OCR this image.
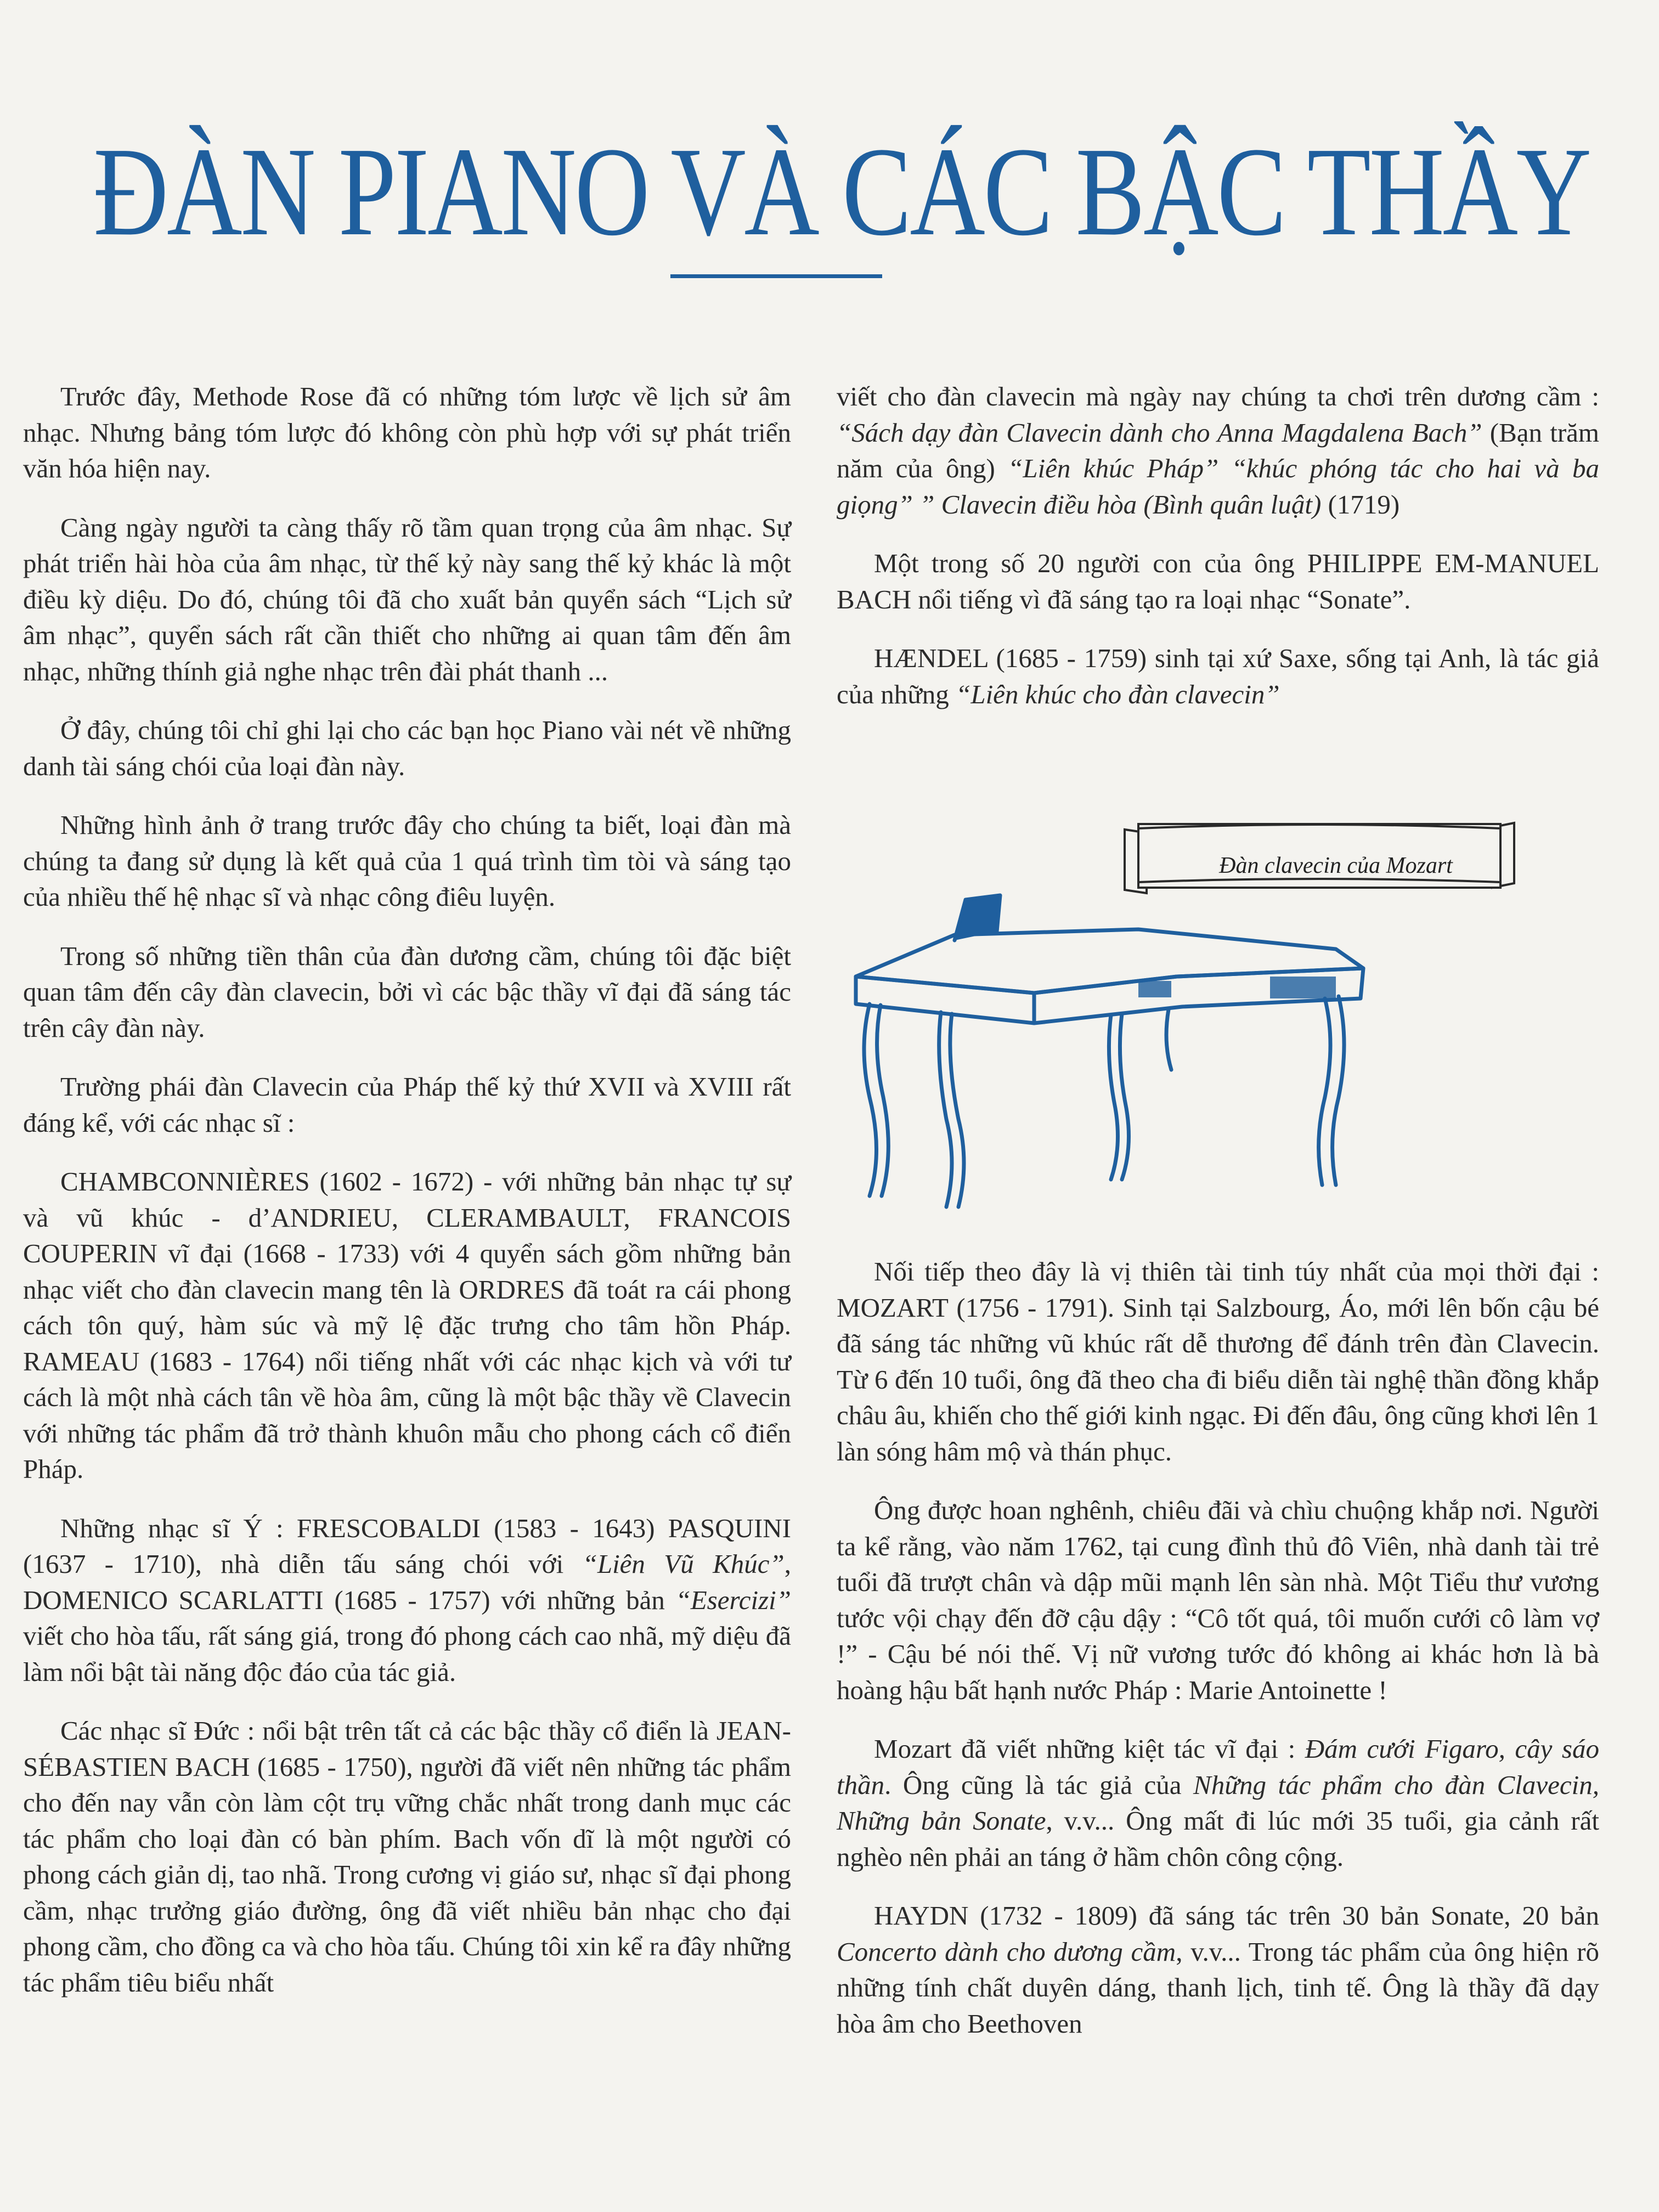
ĐÀN PIANO VÀ CÁC BẬC THẦY

Trước đây, Methode Rose đã có những tóm lược về lịch sử âm nhạc. Nhưng bảng tóm lược đó không còn phù hợp với sự phát triển văn hóa hiện nay.

Càng ngày người ta càng thấy rõ tầm quan trọng của âm nhạc. Sự phát triển hài hòa của âm nhạc, từ thế kỷ này sang thế kỷ khác là một điều kỳ diệu. Do đó, chúng tôi đã cho xuất bản quyển sách “Lịch sử âm nhạc”, quyển sách rất cần thiết cho những ai quan tâm đến âm nhạc, những thính giả nghe nhạc trên đài phát thanh ...

Ở đây, chúng tôi chỉ ghi lại cho các bạn học Piano vài nét về những danh tài sáng chói của loại đàn này.

Những hình ảnh ở trang trước đây cho chúng ta biết, loại đàn mà chúng ta đang sử dụng là kết quả của 1 quá trình tìm tòi và sáng tạo của nhiều thế hệ nhạc sĩ và nhạc công điêu luyện.

Trong số những tiền thân của đàn dương cầm, chúng tôi đặc biệt quan tâm đến cây đàn clavecin, bởi vì các bậc thầy vĩ đại đã sáng tác trên cây đàn này.

Trường phái đàn Clavecin của Pháp thế kỷ thứ XVII và XVIII rất đáng kể, với các nhạc sĩ :

CHAMBCONNIÈRES (1602 - 1672) - với những bản nhạc tự sự và vũ khúc - d’ANDRIEU, CLERAMBAULT, FRANCOIS COUPERIN vĩ đại (1668 - 1733) với 4 quyển sách gồm những bản nhạc viết cho đàn clavecin mang tên là ORDRES đã toát ra cái phong cách tôn quý, hàm súc và mỹ lệ đặc trưng cho tâm hồn Pháp. RAMEAU (1683 - 1764) nổi tiếng nhất với các nhạc kịch và với tư cách là một nhà cách tân về hòa âm, cũng là một bậc thầy về Clavecin với những tác phẩm đã trở thành khuôn mẫu cho phong cách cổ điển Pháp.

Những nhạc sĩ Ý : FRESCOBALDI (1583 - 1643) PASQUINI (1637 - 1710), nhà diễn tấu sáng chói với “Liên Vũ Khúc”, DOMENICO SCARLATTI (1685 - 1757) với những bản “Esercizi” viết cho hòa tấu, rất sáng giá, trong đó phong cách cao nhã, mỹ diệu đã làm nổi bật tài năng độc đáo của tác giả.

Các nhạc sĩ Đức : nổi bật trên tất cả các bậc thầy cổ điển là JEAN-SÉBASTIEN BACH (1685 - 1750), người đã viết nên những tác phẩm cho đến nay vẫn còn làm cột trụ vững chắc nhất trong danh mục các tác phẩm cho loại đàn có bàn phím. Bach vốn dĩ là một người có phong cách giản dị, tao nhã. Trong cương vị giáo sư, nhạc sĩ đại phong cầm, nhạc trưởng giáo đường, ông đã viết nhiều bản nhạc cho đại phong cầm, cho đồng ca và cho hòa tấu. Chúng tôi xin kể ra đây những tác phẩm tiêu biểu nhất

viết cho đàn clavecin mà ngày nay chúng ta chơi trên dương cầm : “Sách dạy đàn Clavecin dành cho Anna Magdalena Bach” (Bạn trăm năm của ông) “Liên khúc Pháp” “khúc phóng tác cho hai và ba giọng” ” Clavecin điều hòa (Bình quân luật) (1719)

Một trong số 20 người con của ông PHILIPPE EM-MANUEL BACH nổi tiếng vì đã sáng tạo ra loại nhạc “Sonate”.

HÆNDEL (1685 - 1759) sinh tại xứ Saxe, sống tại Anh, là tác giả của những “Liên khúc cho đàn clavecin”

Đàn clavecin của Mozart

Nối tiếp theo đây là vị thiên tài tinh túy nhất của mọi thời đại : MOZART (1756 - 1791). Sinh tại Salzbourg, Áo, mới lên bốn cậu bé đã sáng tác những vũ khúc rất dễ thương để đánh trên đàn Clavecin. Từ 6 đến 10 tuổi, ông đã theo cha đi biểu diễn tài nghệ thần đồng khắp châu âu, khiến cho thế giới kinh ngạc. Đi đến đâu, ông cũng khơi lên 1 làn sóng hâm mộ và thán phục.

Ông được hoan nghênh, chiêu đãi và chìu chuộng khắp nơi. Người ta kể rằng, vào năm 1762, tại cung đình thủ đô Viên, nhà danh tài trẻ tuổi đã trượt chân và dập mũi mạnh lên sàn nhà. Một Tiểu thư vương tước vội chạy đến đỡ cậu dậy : “Cô tốt quá, tôi muốn cưới cô làm vợ !” - Cậu bé nói thế. Vị nữ vương tước đó không ai khác hơn là bà hoàng hậu bất hạnh nước Pháp : Marie Antoinette !

Mozart đã viết những kiệt tác vĩ đại : Đám cưới Figaro, cây sáo thần. Ông cũng là tác giả của Những tác phẩm cho đàn Clavecin, Những bản Sonate, v.v... Ông mất đi lúc mới 35 tuổi, gia cảnh rất nghèo nên phải an táng ở hầm chôn công cộng.

HAYDN (1732 - 1809) đã sáng tác trên 30 bản Sonate, 20 bản Concerto dành cho dương cầm, v.v... Trong tác phẩm của ông hiện rõ những tính chất duyên dáng, thanh lịch, tinh tế. Ông là thầy đã dạy hòa âm cho Beethoven
